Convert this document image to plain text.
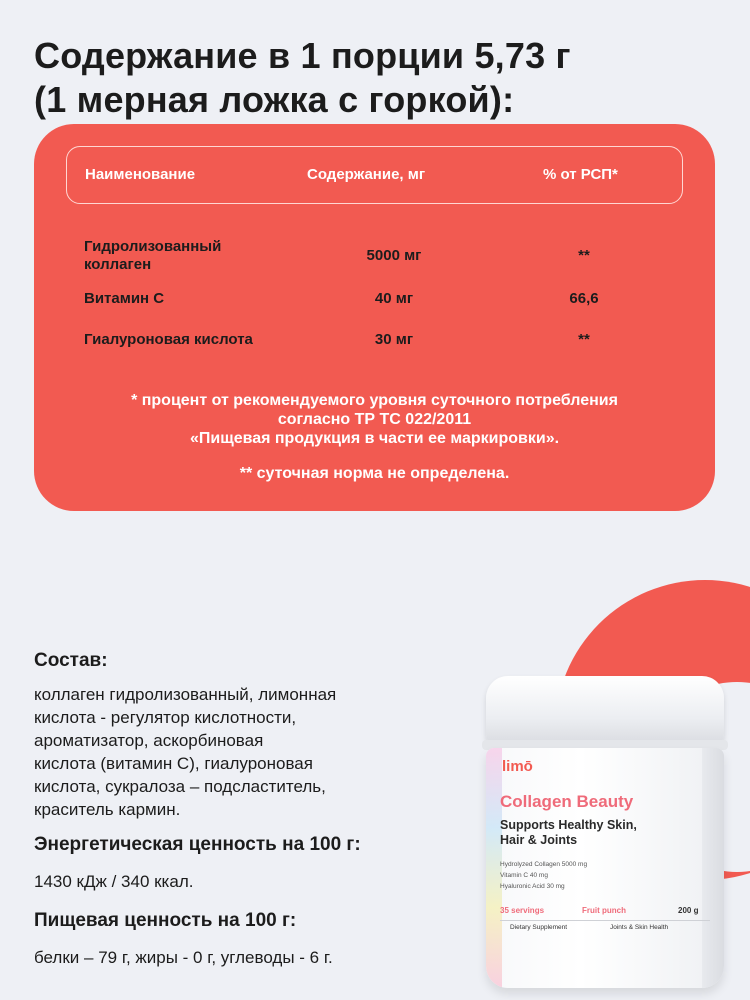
Содержание в 1 порции 5,73 г
(1 мерная ложка с горкой):
Наименование	Содержание, мг	% от РСП*
Гидролизованный
коллаген
5000 мг	**
Витамин С	40 мг	66,6
Гиалуроновая кислота	30 мг	**
* процент от рекомендуемого уровня суточного потребления
согласно ТР ТС 022/2011
«Пищевая продукция в части ее маркировки».
** суточная норма не определена.
limō
Collagen Beauty
Supports Healthy Skin,
Hair & Joints
Hydrolyzed Collagen 5000 mg
Vitamin C 40 mg
Hyaluronic Acid 30 mg
35 servings	Fruit punch	200 g
Dietary Supplement	Joints & Skin Health
Состав:
коллаген гидролизованный, лимонная
кислота - регулятор кислотности,
ароматизатор, аскорбиновая
кислота (витамин С), гиалуроновая
кислота, сукралоза – подсластитель,
краситель кармин.
Энергетическая ценность на 100 г:
1430 кДж / 340 ккал.
Пищевая ценность на 100 г:
белки – 79 г, жиры - 0 г, углеводы - 6 г.
